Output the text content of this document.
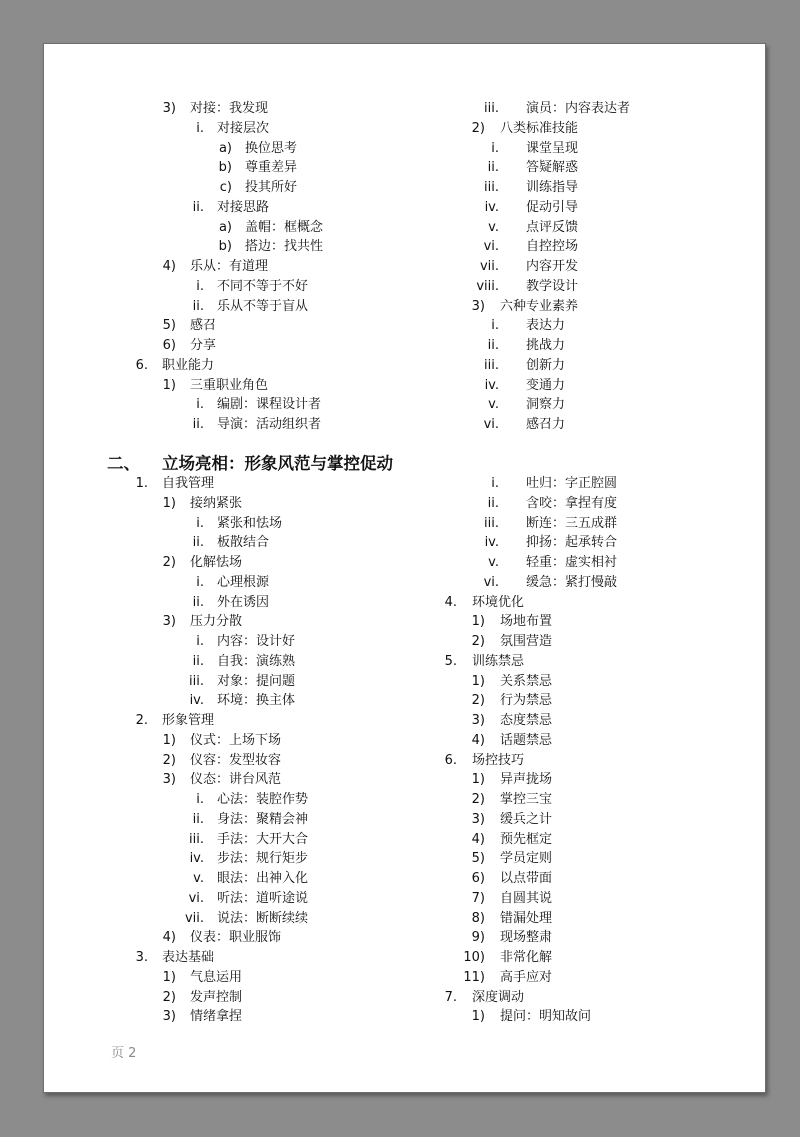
3) 对接：我发现
i. 对接层次
a) 换位思考
b) 尊重差异
c) 投其所好
ii. 对接思路
a) 盖帽：框概念
b) 搭边：找共性
4) 乐从：有道理
i. 不同不等于不好
ii. 乐从不等于盲从
5) 感召
6) 分享
6. 职业能力
1) 三重职业角色
i. 编剧：课程设计者
ii. 导演：活动组织者
iii. 演员：内容表达者
2) 八类标准技能
i. 课堂呈现
ii. 答疑解惑
iii. 训练指导
iv. 促动引导
v. 点评反馈
vi. 自控控场
vii. 内容开发
viii. 教学设计
3) 六种专业素养
i. 表达力
ii. 挑战力
iii. 创新力
iv. 变通力
v. 洞察力
vi. 感召力
二、 立场亮相：形象风范与掌控促动
1. 自我管理
1) 接纳紧张
i. 紧张和怯场
ii. 板散结合
2) 化解怯场
i. 心理根源
ii. 外在诱因
3) 压力分散
i. 内容：设计好
ii. 自我：演练熟
iii. 对象：提问题
iv. 环境：换主体
2. 形象管理
1) 仪式：上场下场
2) 仪容：发型妆容
3) 仪态：讲台风范
i. 心法：装腔作势
ii. 身法：聚精会神
iii. 手法：大开大合
iv. 步法：规行矩步
v. 眼法：出神入化
vi. 听法：道听途说
vii. 说法：断断续续
4) 仪表：职业服饰
3. 表达基础
1) 气息运用
2) 发声控制
3) 情绪拿捏
i. 吐归：字正腔圆
ii. 含咬：拿捏有度
iii. 断连：三五成群
iv. 抑扬：起承转合
v. 轻重：虚实相衬
vi. 缓急：紧打慢敲
4. 环境优化
1) 场地布置
2) 氛围营造
5. 训练禁忌
1) 关系禁忌
2) 行为禁忌
3) 态度禁忌
4) 话题禁忌
6. 场控技巧
1) 异声拢场
2) 掌控三宝
3) 缓兵之计
4) 预先框定
5) 学员定则
6) 以点带面
7) 自圆其说
8) 错漏处理
9) 现场整肃
10) 非常化解
11) 高手应对
7. 深度调动
1) 提问：明知故问
页 2
